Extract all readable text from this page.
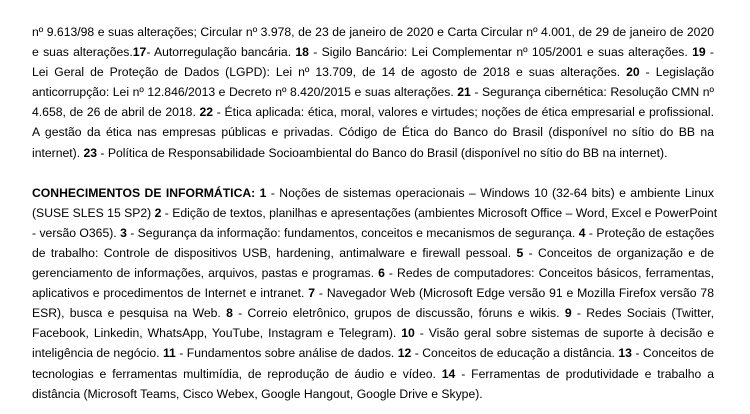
nº 9.613/98 e suas alterações; Circular nº 3.978, de 23 de janeiro de 2020 e Carta Circular nº 4.001, de 29 de janeiro de 2020
e suas alterações.17- Autorregulação bancária. 18 - Sigilo Bancário: Lei Complementar nº 105/2001 e suas alterações. 19 -
Lei Geral de Proteção de Dados (LGPD): Lei nº 13.709, de 14 de agosto de 2018 e suas alterações. 20 - Legislação
anticorrupção: Lei nº 12.846/2013 e Decreto nº 8.420/2015 e suas alterações. 21 - Segurança cibernética: Resolução CMN nº
4.658, de 26 de abril de 2018. 22 - Ética aplicada: ética, moral, valores e virtudes; noções de ética empresarial e profissional.
A gestão da ética nas empresas públicas e privadas. Código de Ética do Banco do Brasil (disponível no sítio do BB na
internet). 23 - Política de Responsabilidade Socioambiental do Banco do Brasil (disponível no sítio do BB na internet).
CONHECIMENTOS DE INFORMÁTICA: 1 - Noções de sistemas operacionais – Windows 10 (32-64 bits) e ambiente Linux
(SUSE SLES 15 SP2) 2 - Edição de textos, planilhas e apresentações (ambientes Microsoft Office – Word, Excel e PowerPoint
- versão O365). 3 - Segurança da informação: fundamentos, conceitos e mecanismos de segurança. 4 - Proteção de estações
de trabalho: Controle de dispositivos USB, hardening, antimalware e firewall pessoal. 5 - Conceitos de organização e de
gerenciamento de informações, arquivos, pastas e programas. 6 - Redes de computadores: Conceitos básicos, ferramentas,
aplicativos e procedimentos de Internet e intranet. 7 - Navegador Web (Microsoft Edge versão 91 e Mozilla Firefox versão 78
ESR), busca e pesquisa na Web. 8 - Correio eletrônico, grupos de discussão, fóruns e wikis. 9 - Redes Sociais (Twitter,
Facebook, Linkedin, WhatsApp, YouTube, Instagram e Telegram). 10 - Visão geral sobre sistemas de suporte à decisão e
inteligência de negócio. 11 - Fundamentos sobre análise de dados. 12 - Conceitos de educação a distância. 13 - Conceitos de
tecnologias e ferramentas multimídia, de reprodução de áudio e vídeo. 14 - Ferramentas de produtividade e trabalho a
distância (Microsoft Teams, Cisco Webex, Google Hangout, Google Drive e Skype).
